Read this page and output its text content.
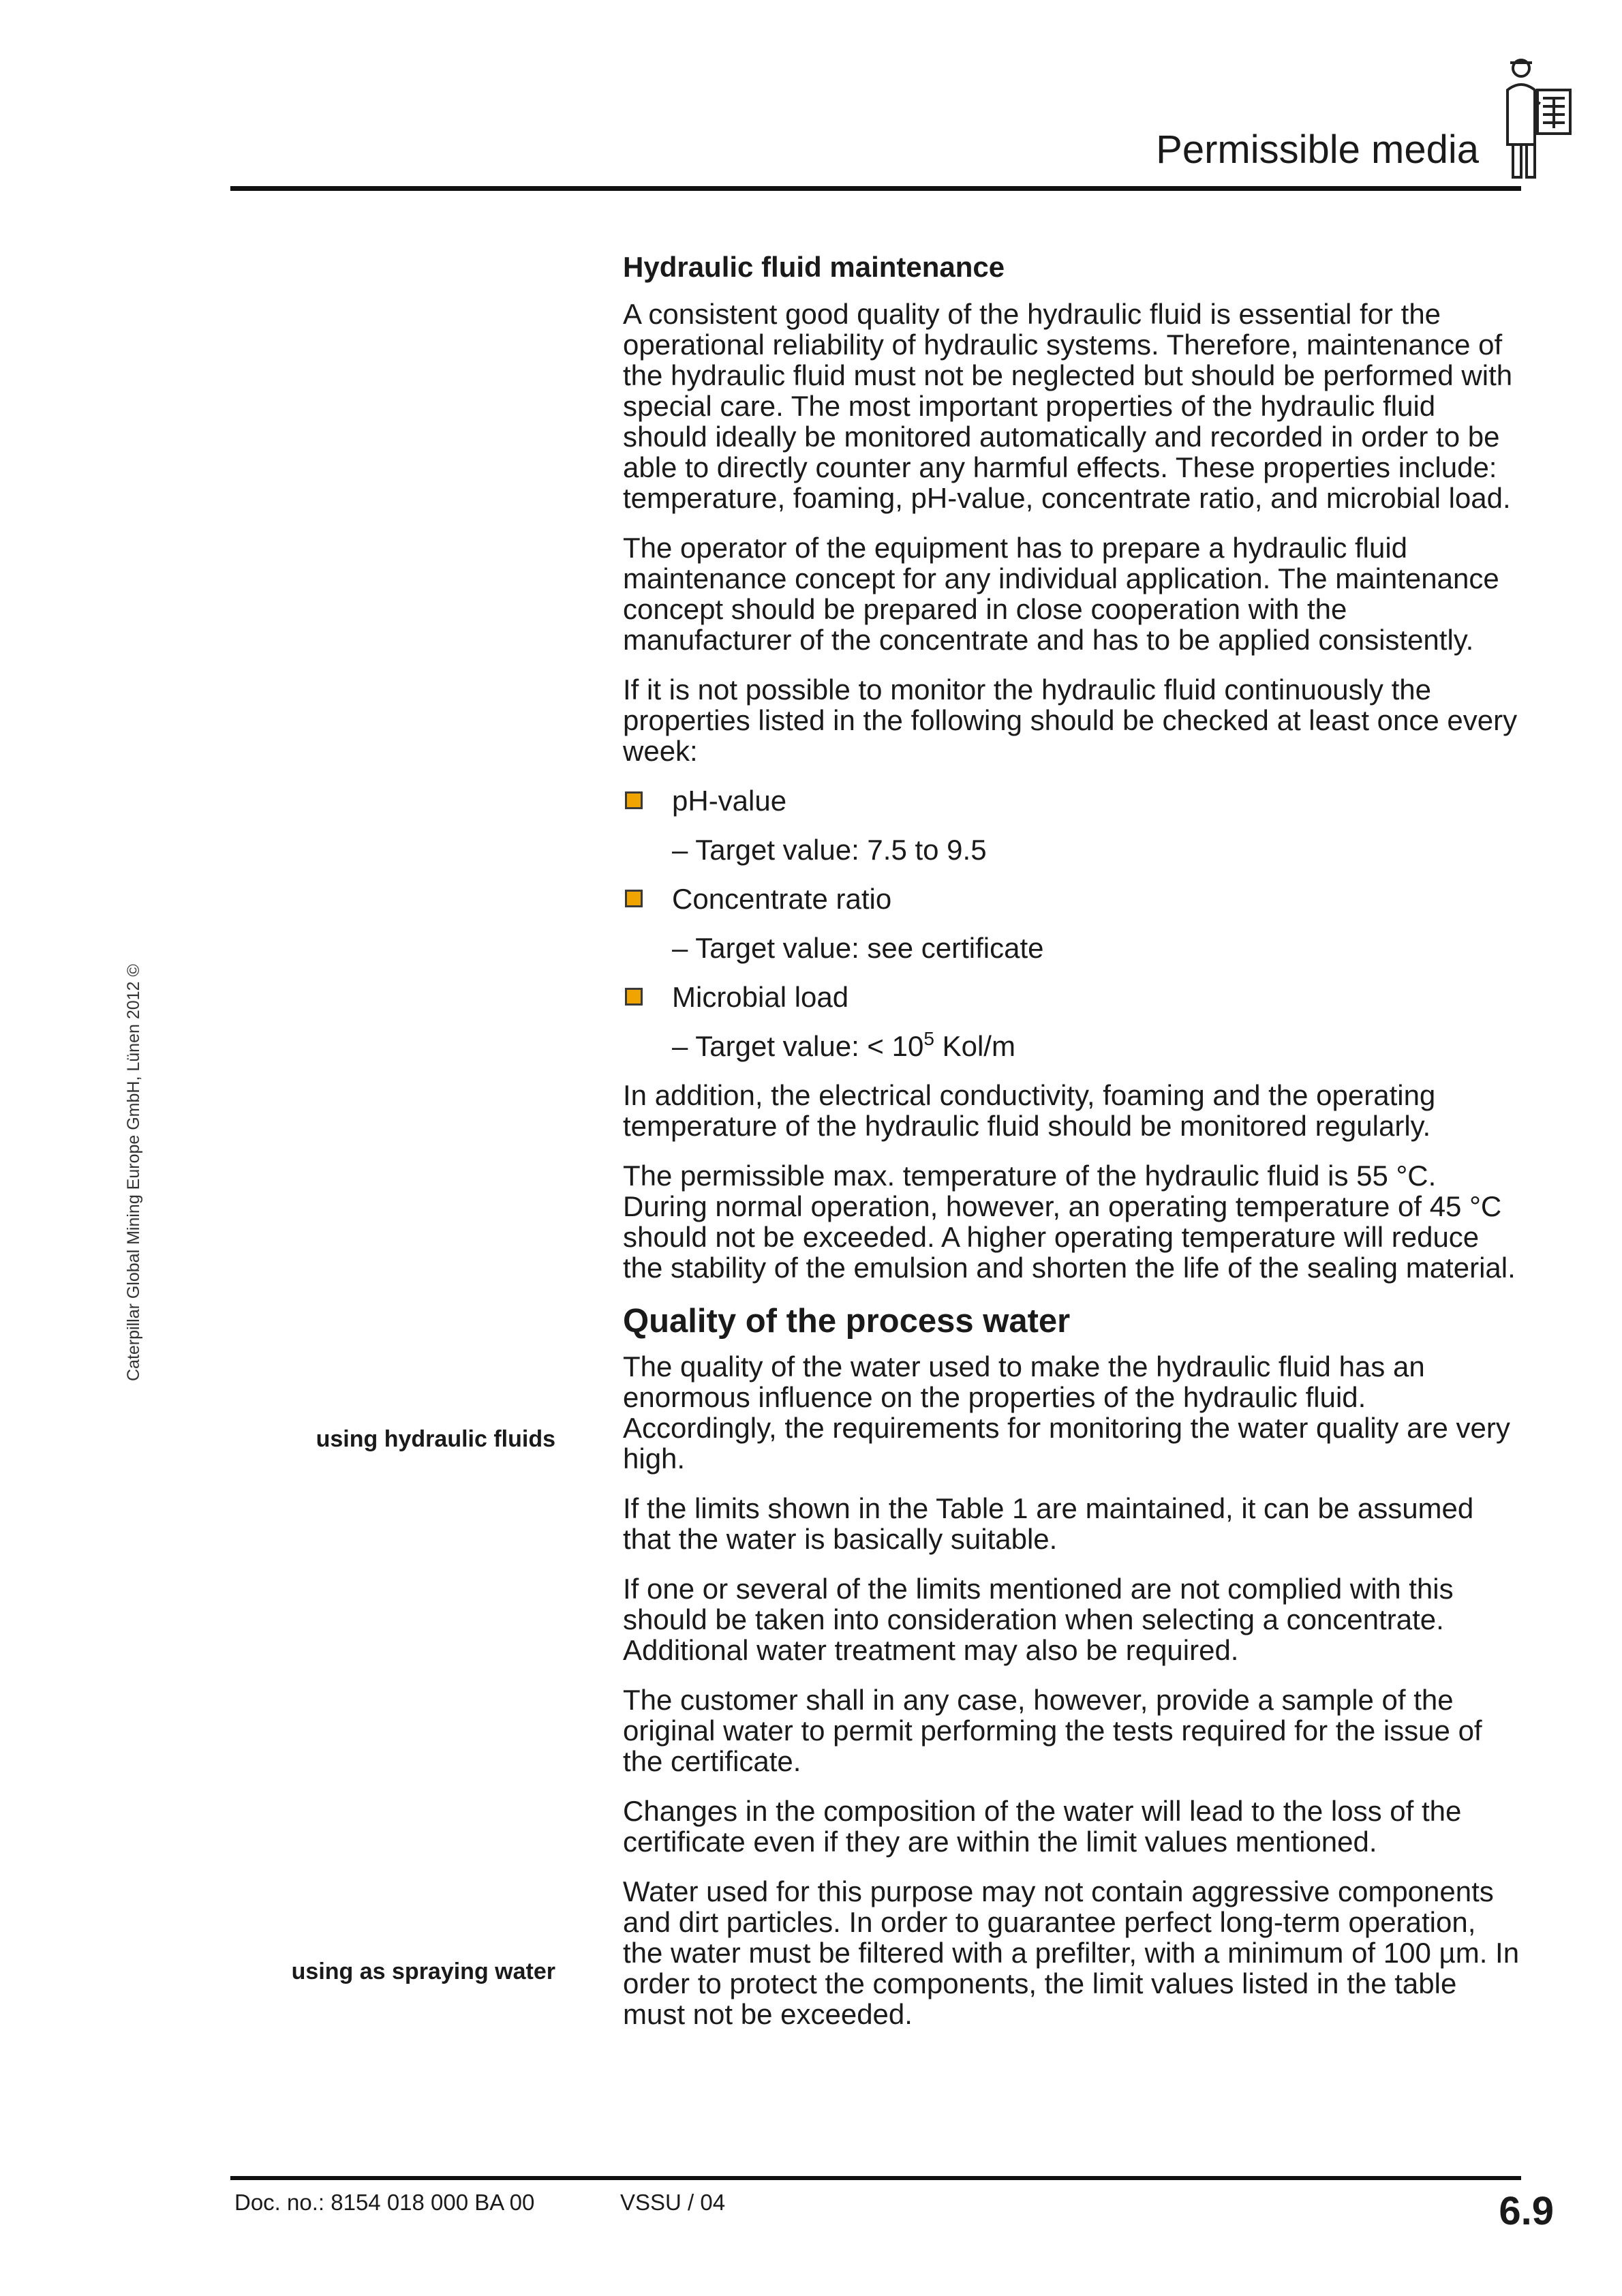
Permissible media
Caterpillar Global Mining Europe GmbH, Lünen 2012 ©
using hydraulic fluids
using as spraying water
Hydraulic fluid maintenance

A consistent good quality of the hydraulic fluid is essential for the operational reliability of hydraulic systems. Therefore, maintenance of the hydraulic fluid must not be neglected but should be performed with special care. The most important properties of the hydraulic fluid should ideally be monitored automatically and recorded in order to be able to directly counter any harmful effects. These properties include: temperature, foaming, pH-value, concentrate ratio, and microbial load.

The operator of the equipment has to prepare a hydraulic fluid maintenance concept for any individual application. The maintenance concept should be prepared in close cooperation with the manufacturer of the concentrate and has to be applied consistently.

If it is not possible to monitor the hydraulic fluid continuously the properties listed in the following should be checked at least once every week:

pH-value
– Target value: 7.5 to 9.5
Concentrate ratio
– Target value: see certificate
Microbial load
– Target value: < $10^5$ Kol/m

In addition, the electrical conductivity, foaming and the operating temperature of the hydraulic fluid should be monitored regularly.

The permissible max. temperature of the hydraulic fluid is 55 °C. During normal operation, however, an operating temperature of 45 °C should not be exceeded. A higher operating temperature will reduce the stability of the emulsion and shorten the life of the sealing material.

Quality of the process water

The quality of the water used to make the hydraulic fluid has an enormous influence on the properties of the hydraulic fluid. Accordingly, the requirements for monitoring the water quality are very high.

If the limits shown in the Table 1 are maintained, it can be assumed that the water is basically suitable.

If one or several of the limits mentioned are not complied with this should be taken into consideration when selecting a concentrate. Additional water treatment may also be required.

The customer shall in any case, however, provide a sample of the original water to permit performing the tests required for the issue of the certificate.

Changes in the composition of the water will lead to the loss of the certificate even if they are within the limit values mentioned.

Water used for this purpose may not contain aggressive components and dirt particles. In order to guarantee perfect long-term operation, the water must be filtered with a prefilter, with a minimum of 100 µm. In order to protect the components, the limit values listed in the table must not be exceeded.

Doc. no.: 8154 018 000 BA 00	VSSU / 04	6.9
